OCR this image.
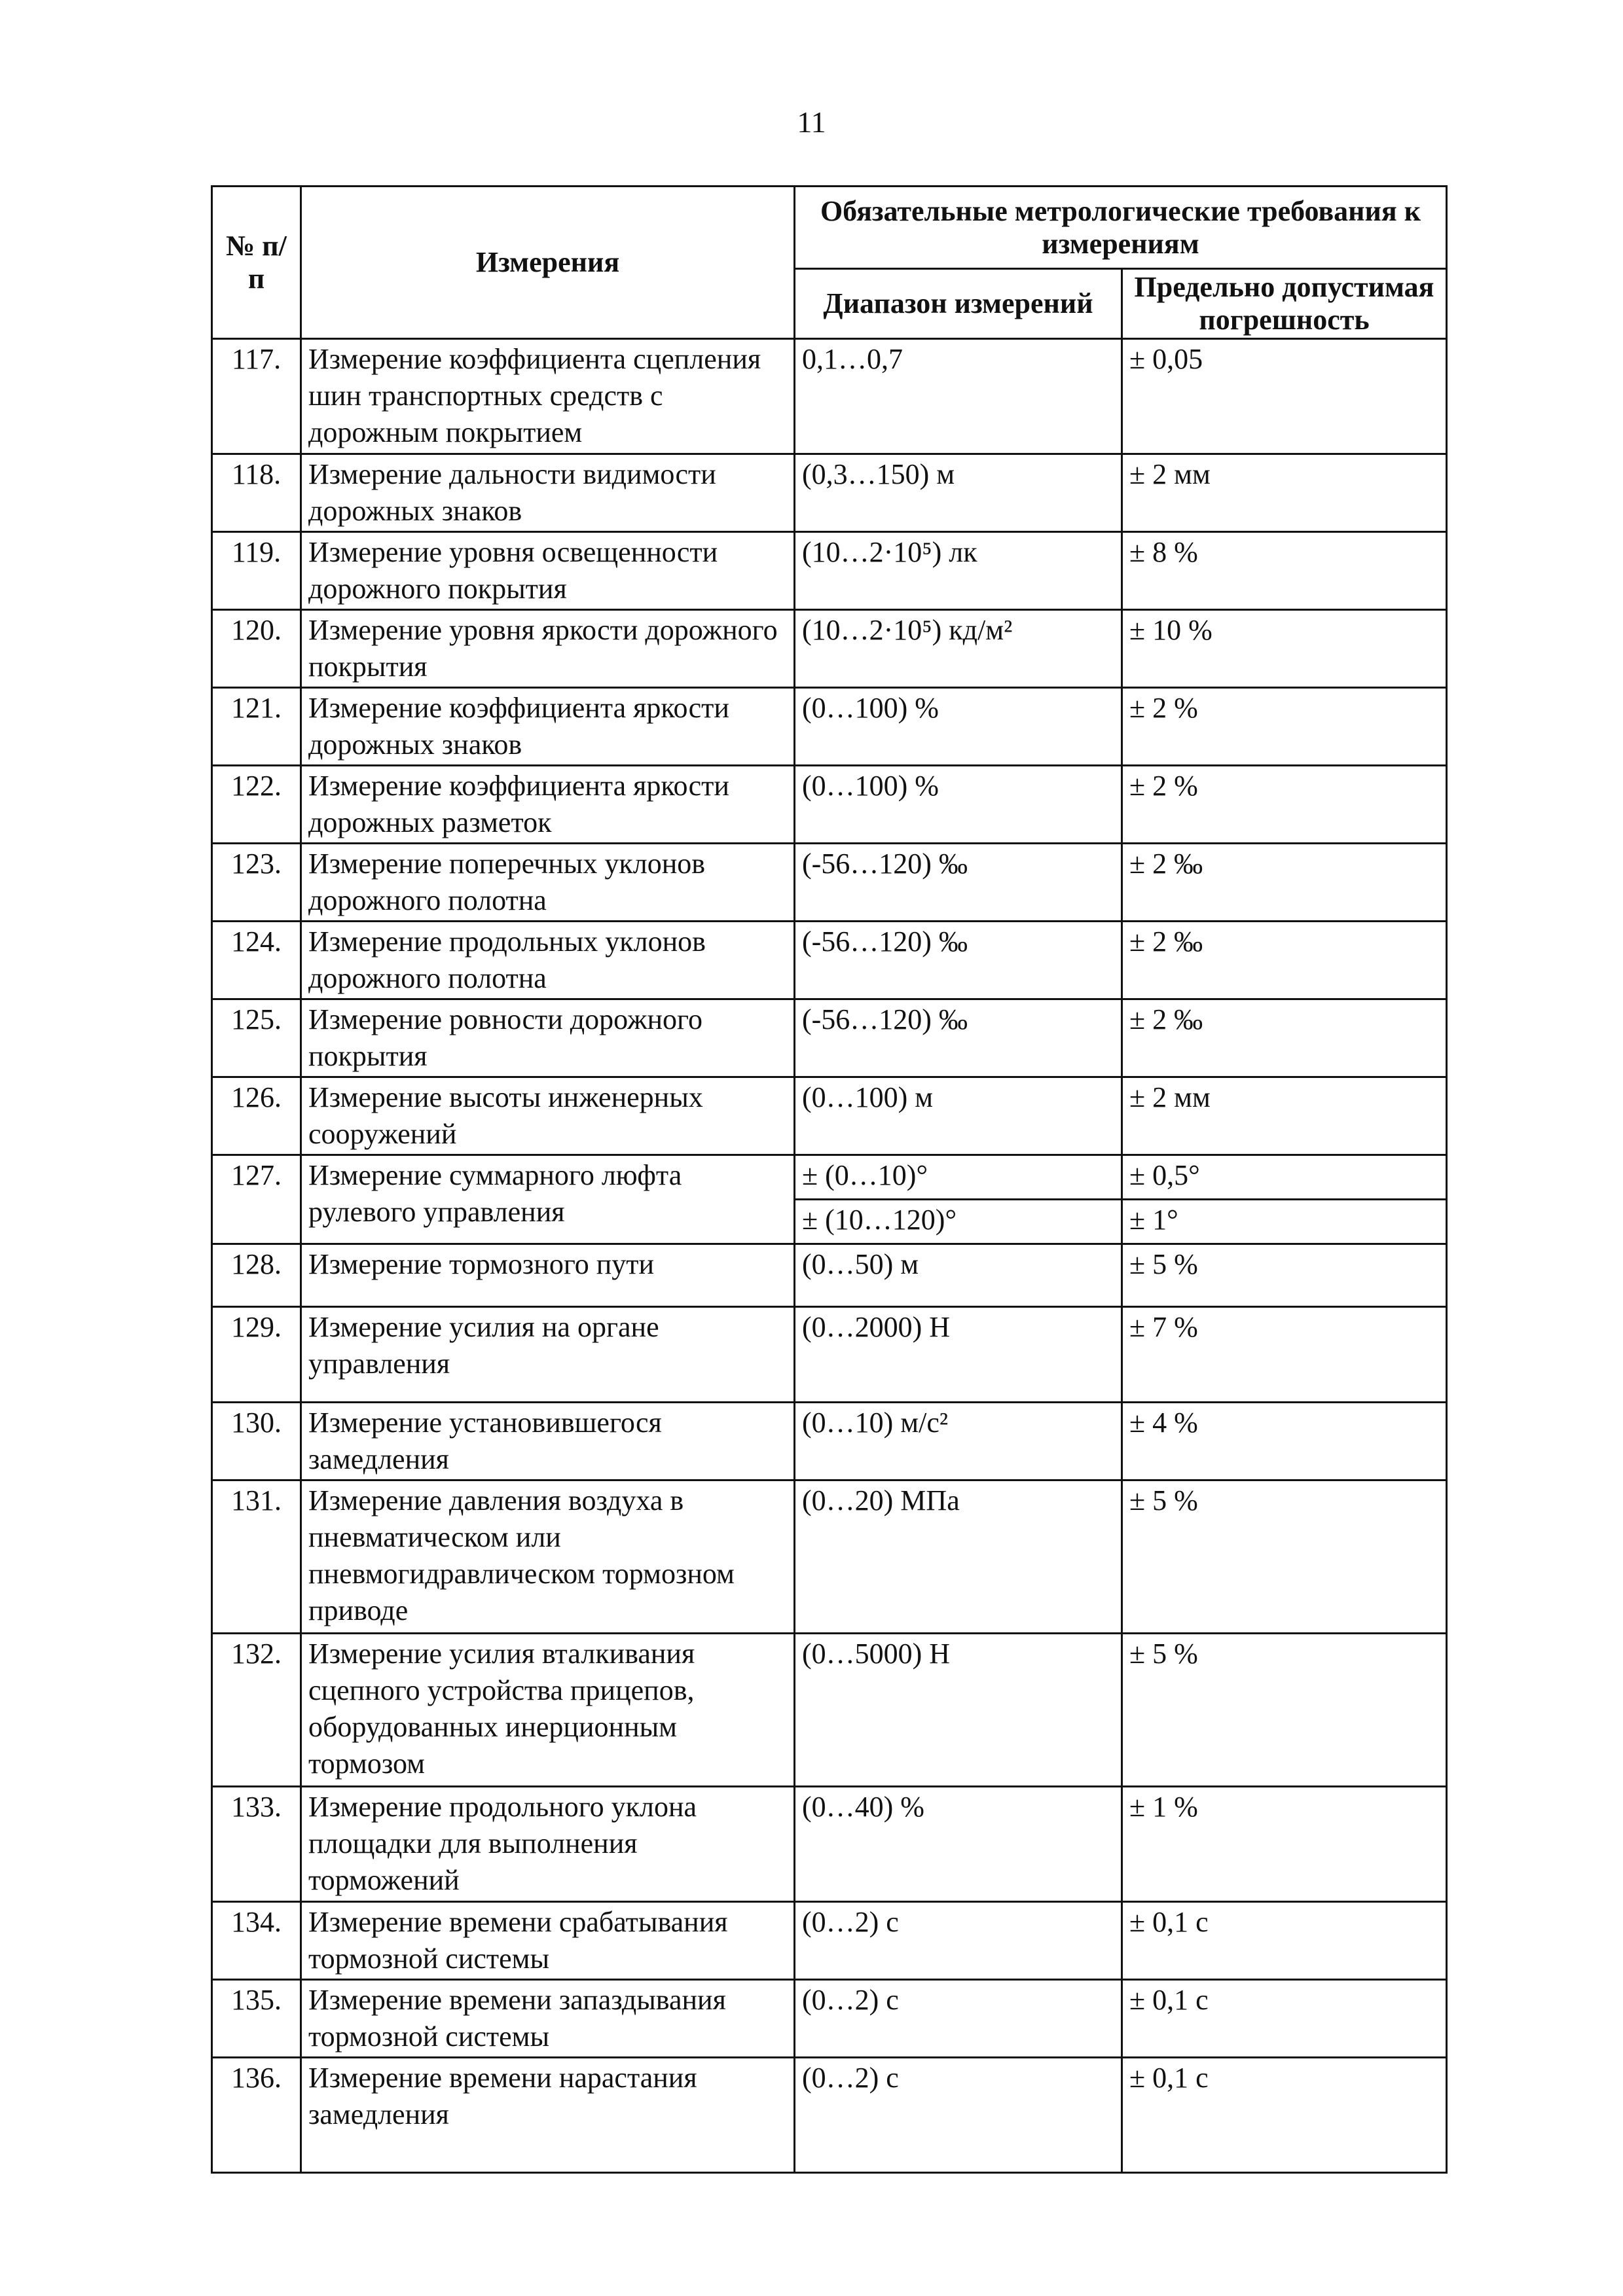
11
№ п/п	Измерения	Обязательные метрологические требования к измерениям	
		Диапазон измерений	Предельно допустимая погрешность
117.	Измерение коэффициента сцепления шин транспортных средств с дорожным покрытием	0,1…0,7	± 0,05
118.	Измерение дальности видимости дорожных знаков	(0,3…150) м	± 2 мм
119.	Измерение уровня освещенности дорожного покрытия	(10…2·10⁵) лк	± 8 %
120.	Измерение уровня яркости дорожного покрытия	(10…2·10⁵) кд/м²	± 10 %
121.	Измерение коэффициента яркости дорожных знаков	(0…100) %	± 2 %
122.	Измерение коэффициента яркости дорожных разметок	(0…100) %	± 2 %
123.	Измерение поперечных уклонов дорожного полотна	(-56…120) ‰	± 2 ‰
124.	Измерение продольных уклонов дорожного полотна	(-56…120) ‰	± 2 ‰
125.	Измерение ровности дорожного покрытия	(-56…120) ‰	± 2 ‰
126.	Измерение высоты инженерных сооружений	(0…100) м	± 2 мм
127.	Измерение суммарного люфта рулевого управления	± (0…10)°	± 0,5°
		± (10…120)°	± 1°
128.	Измерение тормозного пути	(0…50) м	± 5 %
129.	Измерение усилия на органе управления	(0…2000) Н	± 7 %
130.	Измерение установившегося замедления	(0…10) м/с²	± 4 %
131.	Измерение давления воздуха в пневматическом или пневмогидравлическом тормозном приводе	(0…20) МПа	± 5 %
132.	Измерение усилия вталкивания сцепного устройства прицепов, оборудованных инерционным тормозом	(0…5000) Н	± 5 %
133.	Измерение продольного уклона площадки для выполнения торможений	(0…40) %	± 1 %
134.	Измерение времени срабатывания тормозной системы	(0…2) с	± 0,1 с
135.	Измерение времени запаздывания тормозной системы	(0…2) с	± 0,1 с
136.	Измерение времени нарастания замедления	(0…2) с	± 0,1 с
